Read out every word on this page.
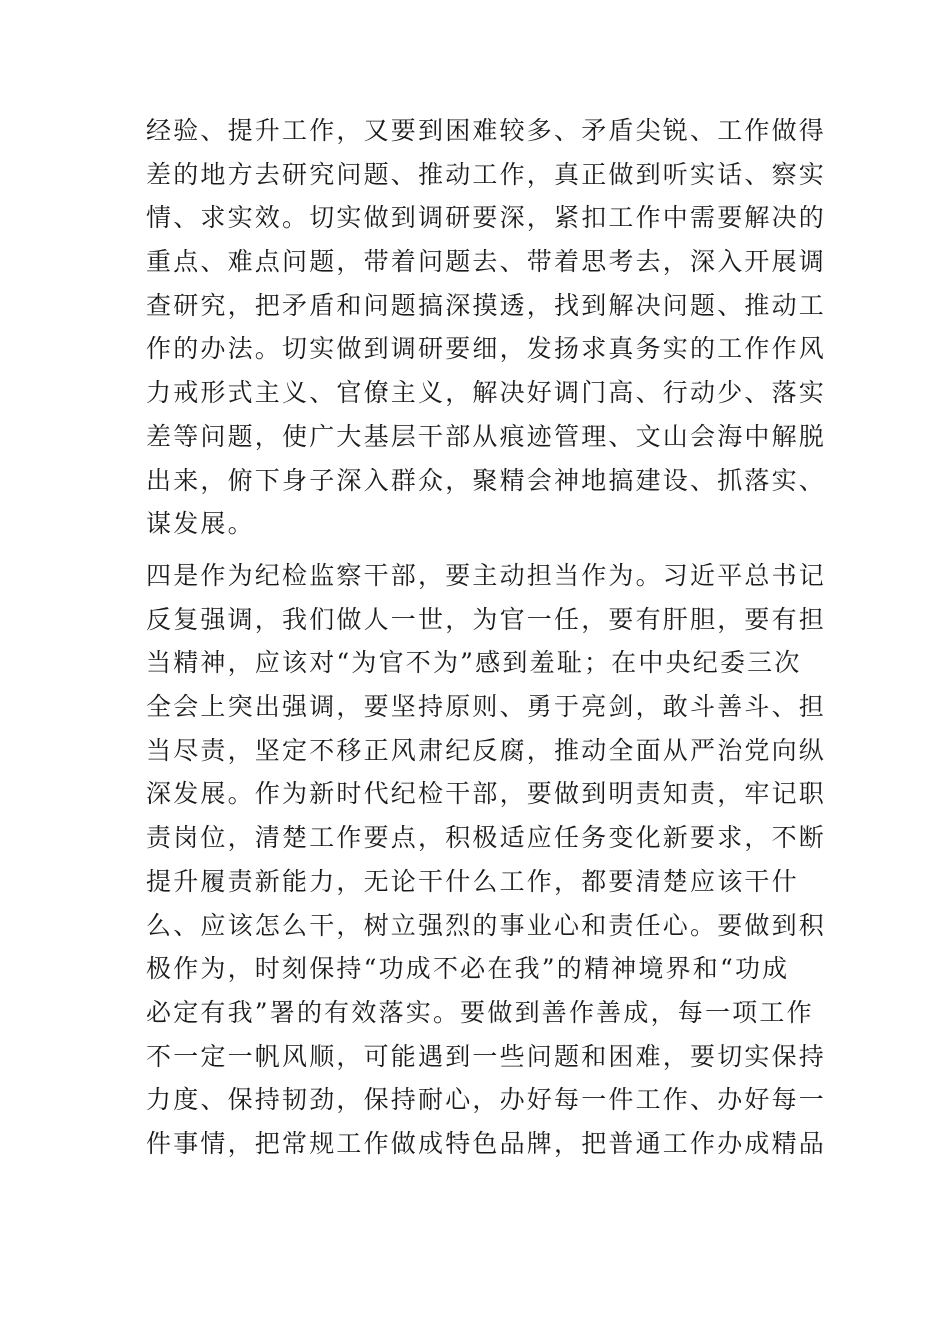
经验、提升工作，又要到困难较多、矛盾尖锐、工作做得
差的地方去研究问题、推动工作，真正做到听实话、察实
情、求实效。切实做到调研要深，紧扣工作中需要解决的
重点、难点问题，带着问题去、带着思考去，深入开展调
查研究，把矛盾和问题搞深摸透，找到解决问题、推动工
作的办法。切实做到调研要细，发扬求真务实的工作作风
力戒形式主义、官僚主义，解决好调门高、行动少、落实
差等问题，使广大基层干部从痕迹管理、文山会海中解脱
出来，俯下身子深入群众，聚精会神地搞建设、抓落实、
谋发展。
四是作为纪检监察干部，要主动担当作为。习近平总书记
反复强调，我们做人一世，为官一任，要有肝胆，要有担
当精神，应该对“为官不为”感到羞耻；在中央纪委三次
全会上突出强调，要坚持原则、勇于亮剑，敢斗善斗、担
当尽责，坚定不移正风肃纪反腐，推动全面从严治党向纵
深发展。作为新时代纪检干部，要做到明责知责，牢记职
责岗位，清楚工作要点，积极适应任务变化新要求，不断
提升履责新能力，无论干什么工作，都要清楚应该干什
么、应该怎么干，树立强烈的事业心和责任心。要做到积
极作为，时刻保持“功成不必在我”的精神境界和“功成
必定有我”署的有效落实。要做到善作善成，每一项工作
不一定一帆风顺，可能遇到一些问题和困难，要切实保持
力度、保持韧劲，保持耐心，办好每一件工作、办好每一
件事情，把常规工作做成特色品牌，把普通工作办成精品
